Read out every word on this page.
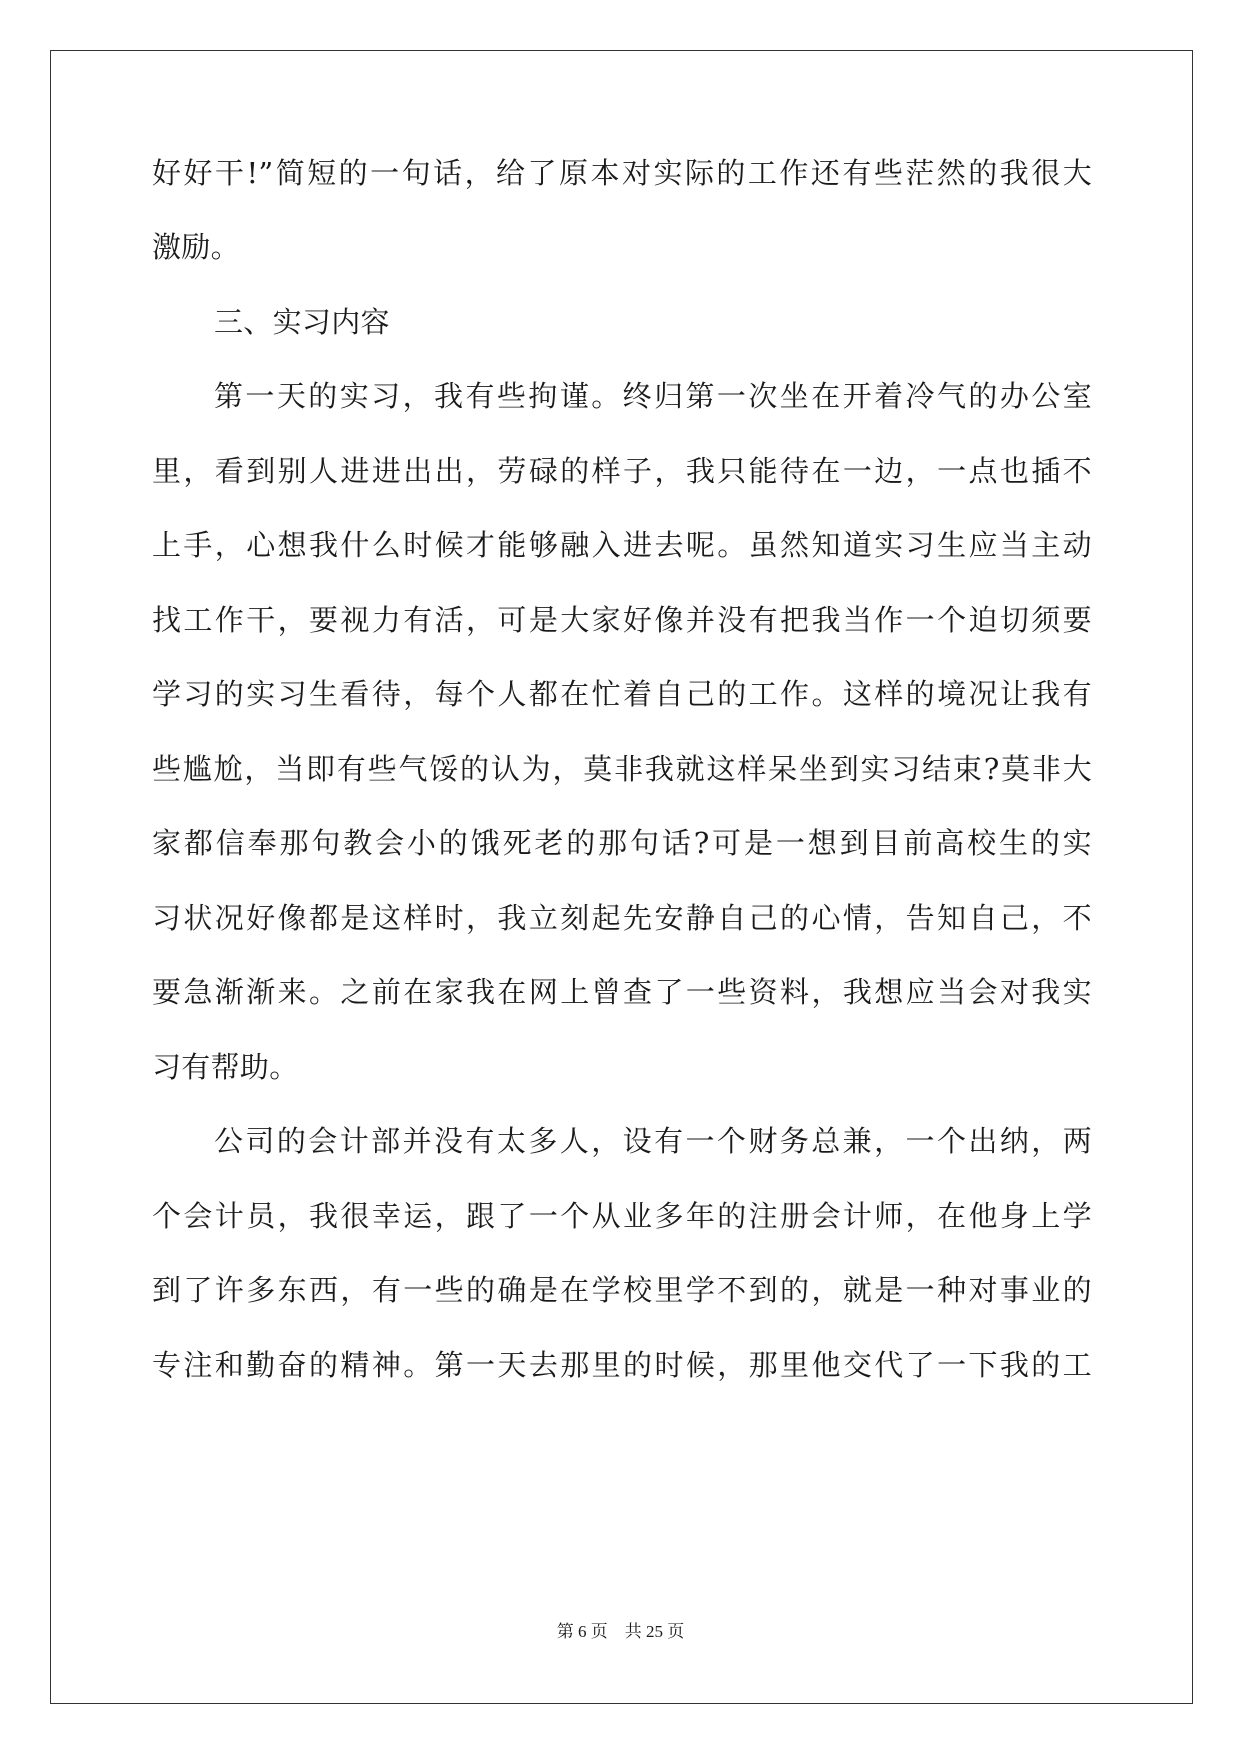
好好干!”简短的一句话，给了原本对实际的工作还有些茫然的我很大
激励。
三、实习内容
第一天的实习，我有些拘谨。终归第一次坐在开着冷气的办公室
里，看到别人进进出出，劳碌的样子，我只能待在一边，一点也插不
上手，心想我什么时候才能够融入进去呢。虽然知道实习生应当主动
找工作干，要视力有活，可是大家好像并没有把我当作一个迫切须要
学习的实习生看待，每个人都在忙着自己的工作。这样的境况让我有
些尴尬，当即有些气馁的认为，莫非我就这样呆坐到实习结束?莫非大
家都信奉那句教会小的饿死老的那句话?可是一想到目前高校生的实
习状况好像都是这样时，我立刻起先安静自己的心情，告知自己，不
要急渐渐来。之前在家我在网上曾查了一些资料，我想应当会对我实
习有帮助。
公司的会计部并没有太多人，设有一个财务总兼，一个出纳，两
个会计员，我很幸运，跟了一个从业多年的注册会计师，在他身上学
到了许多东西，有一些的确是在学校里学不到的，就是一种对事业的
专注和勤奋的精神。第一天去那里的时候，那里他交代了一下我的工
第 6 页 共 25 页
